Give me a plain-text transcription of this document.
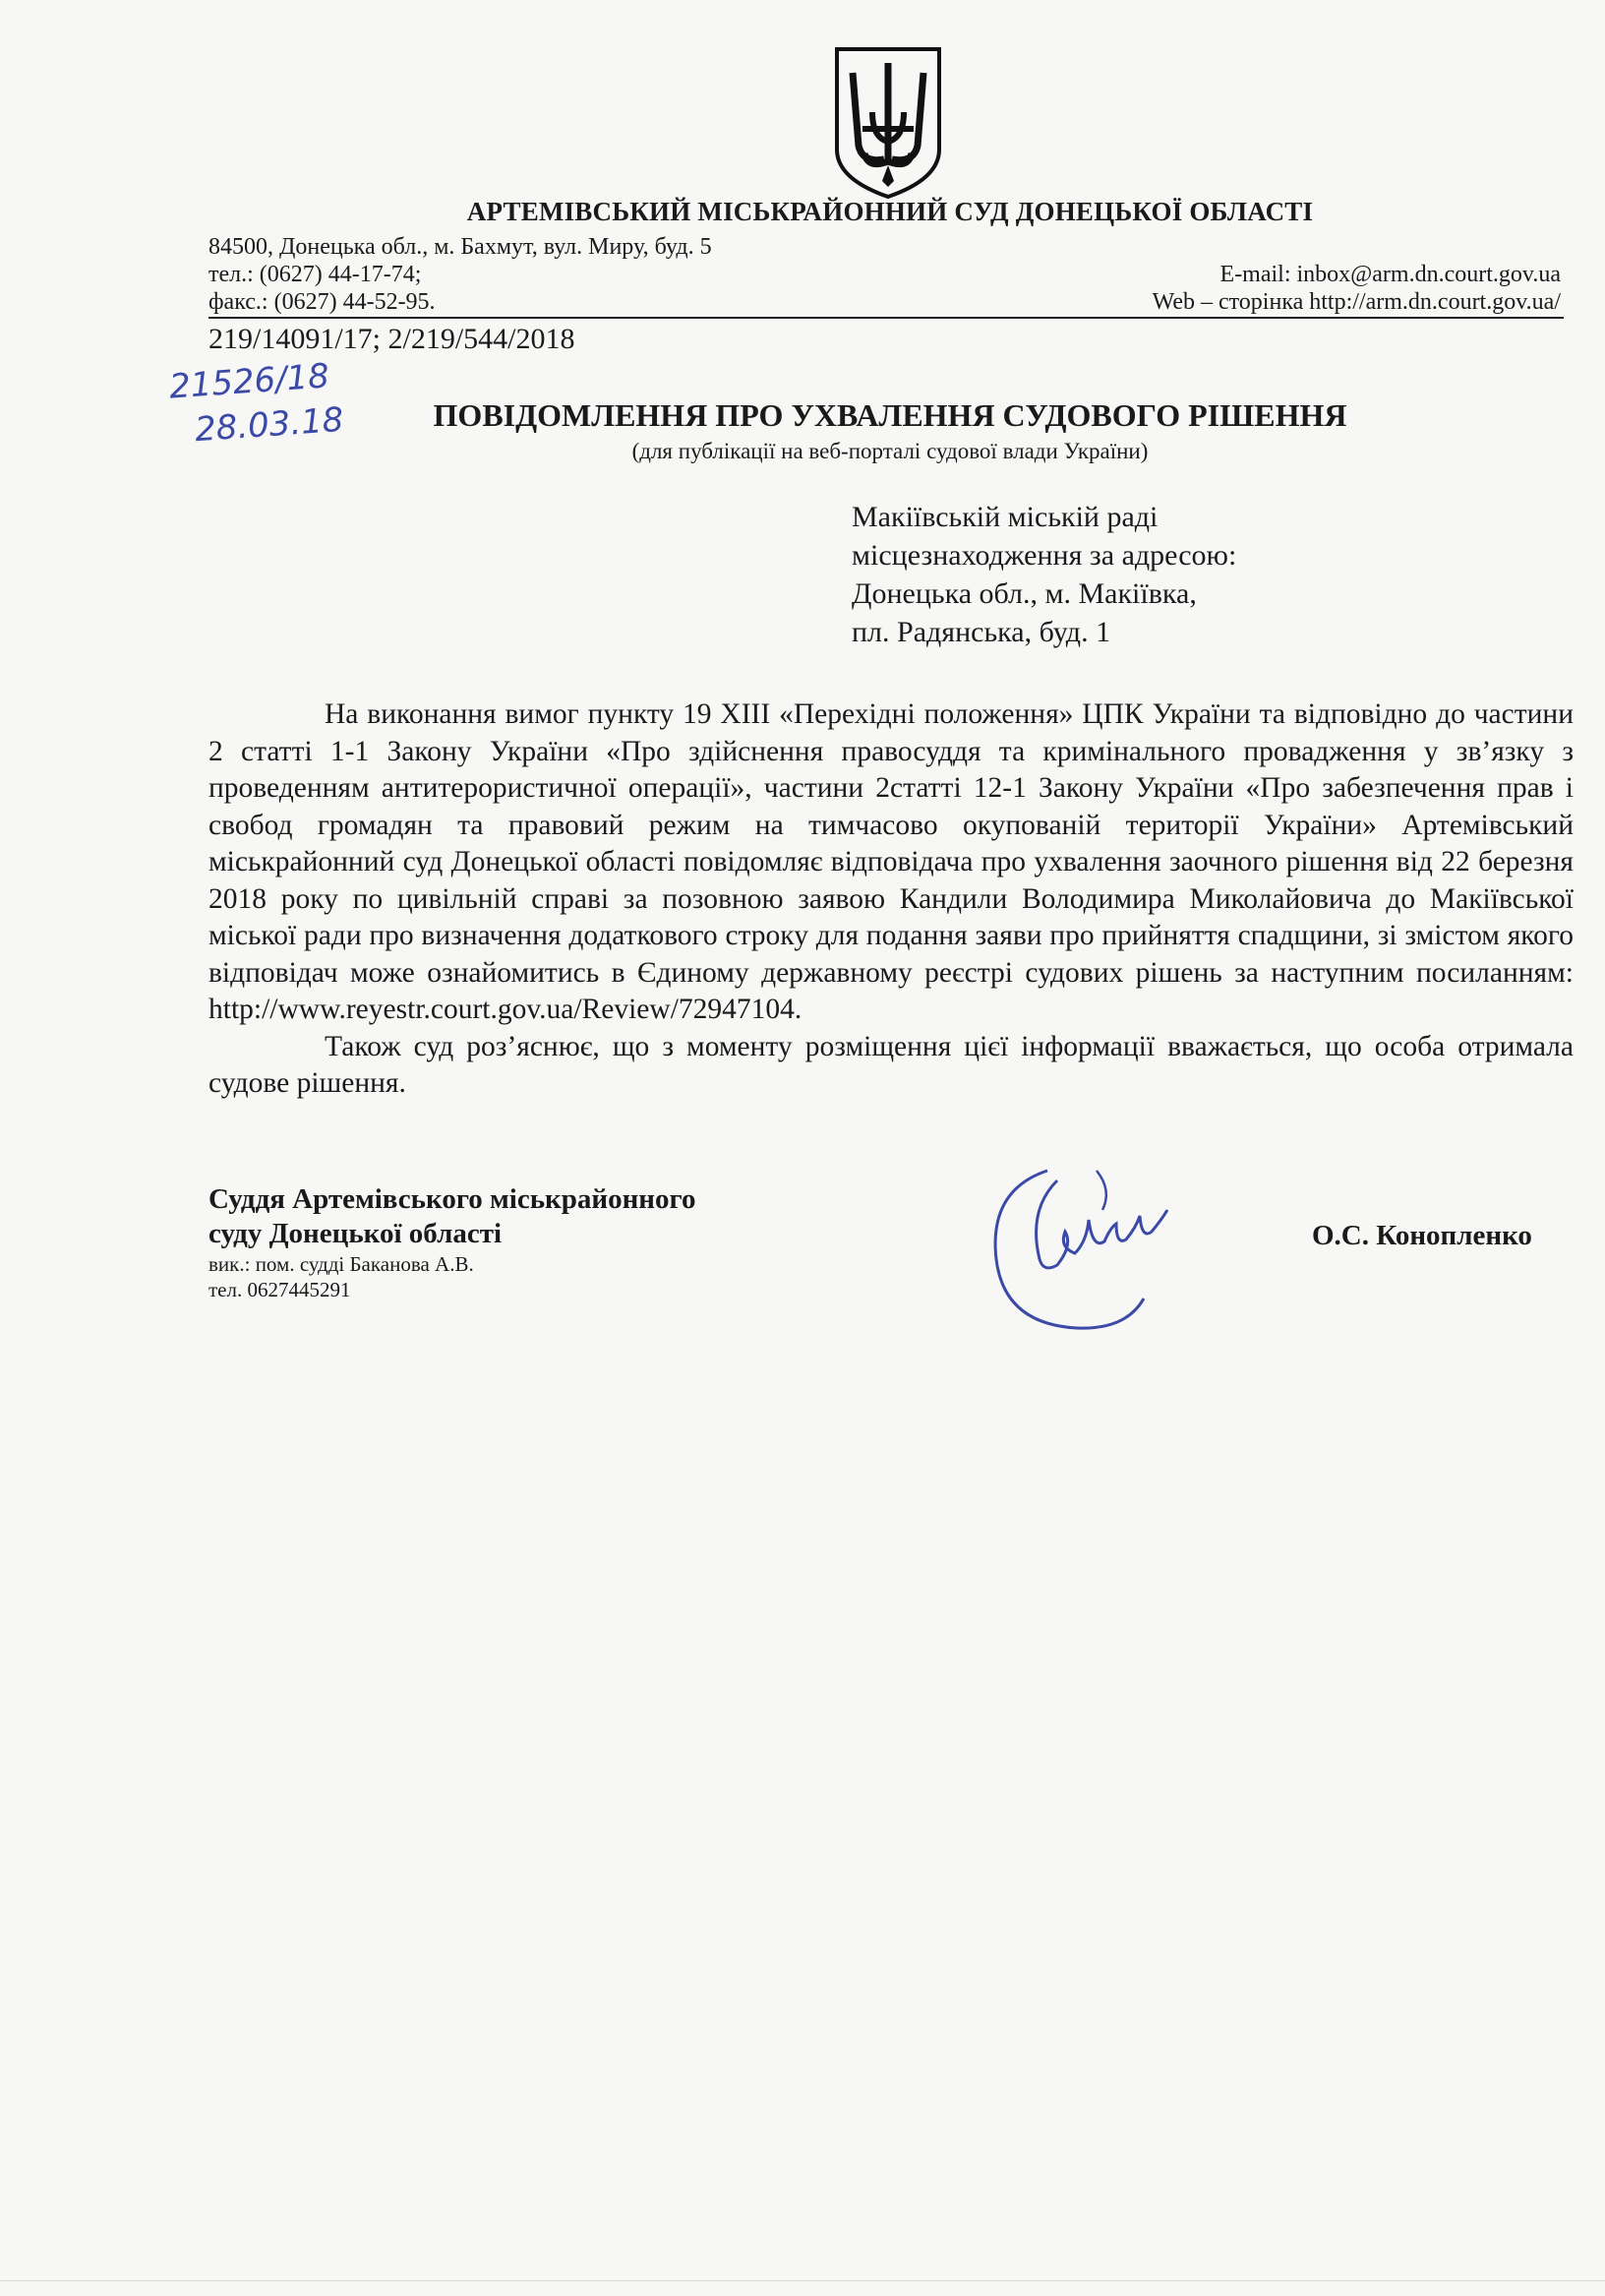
АРТЕМІВСЬКИЙ МІСЬКРАЙОННИЙ СУД ДОНЕЦЬКОЇ ОБЛАСТІ
84500, Донецька обл., м. Бахмут, вул. Миру, буд. 5
тел.: (0627) 44-17-74;
факс.: (0627) 44-52-95.
E-mail: inbox@arm.dn.court.gov.ua
Web – сторінка http://arm.dn.court.gov.ua/
219/14091/17; 2/219/544/2018
21526/18
28.03.18	ПОВІДОМЛЕННЯ ПРО УХВАЛЕННЯ СУДОВОГО РІШЕННЯ
(для публікації на веб-порталі судової влади України)
Макіївській міській раді
місцезнаходження за адресою:
Донецька обл., м. Макіївка,
пл. Радянська, буд. 1

На виконання вимог пункту 19 ХІІІ «Перехідні положення» ЦПК України та відповідно до частини 2 статті 1-1 Закону України «Про здійснення правосуддя та кримінального провадження у зв’язку з проведенням антитерористичної операції», частини 2статті 12-1 Закону України «Про забезпечення прав і свобод громадян та правовий режим на тимчасово окупованій території України» Артемівський міськрайонний суд Донецької області повідомляє відповідача про ухвалення заочного рішення від 22 березня 2018 року по цивільній справі за позовною заявою Кандили Володимира Миколайовича до Макіївської міської ради про визначення додаткового строку для подання заяви про прийняття спадщини, зі змістом якого відповідач може ознайомитись в Єдиному державному реєстрі судових рішень за наступним посиланням: http://www.reyestr.court.gov.ua/Review/72947104.

Також суд роз’яснює, що з моменту розміщення цієї інформації вважається, що особа отримала судове рішення.

Суддя Артемівського міськрайонного
суду Донецької області
вик.: пом. судді Баканова А.В.
тел. 0627445291
О.С. Конопленко
